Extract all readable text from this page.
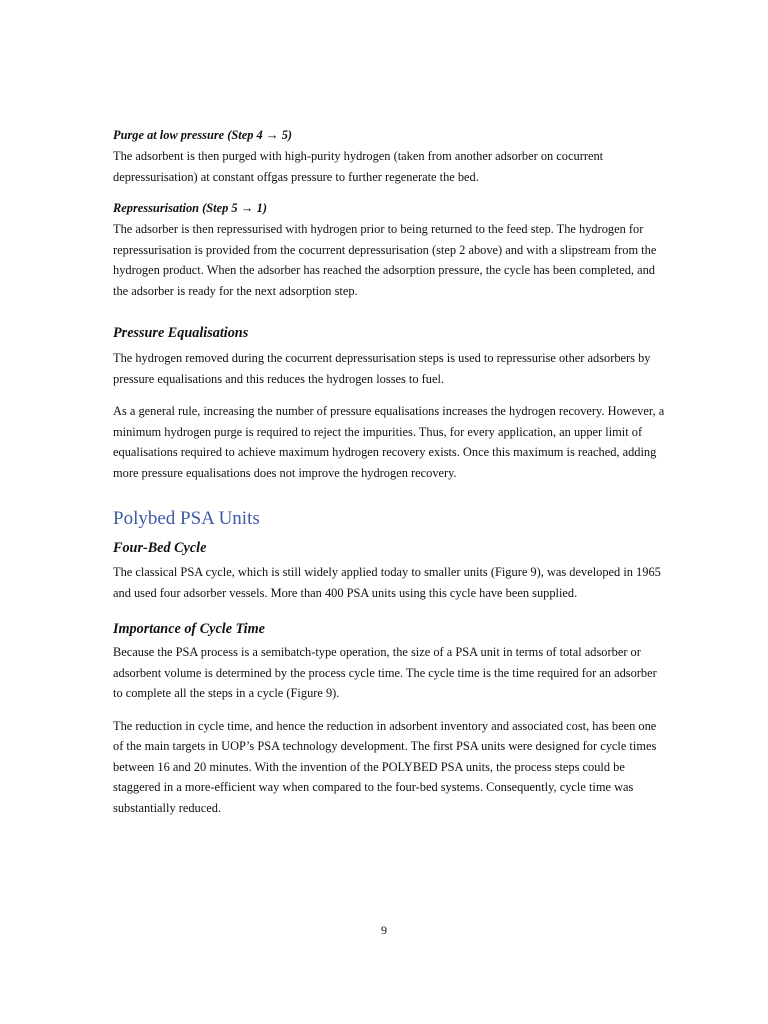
Purge at low pressure (Step 4 → 5)

The adsorbent is then purged with high-purity hydrogen (taken from another adsorber on cocurrent depressurisation) at constant offgas pressure to further regenerate the bed.

Repressurisation (Step 5 → 1)

The adsorber is then repressurised with hydrogen prior to being returned to the feed step. The hydrogen for repressurisation is provided from the cocurrent depressurisation (step 2 above) and with a slipstream from the hydrogen product. When the adsorber has reached the adsorption pressure, the cycle has been completed, and the adsorber is ready for the next adsorption step.

Pressure Equalisations

The hydrogen removed during the cocurrent depressurisation steps is used to repressurise other adsorbers by pressure equalisations and this reduces the hydrogen losses to fuel.

As a general rule, increasing the number of pressure equalisations increases the hydrogen recovery. However, a minimum hydrogen purge is required to reject the impurities. Thus, for every application, an upper limit of equalisations required to achieve maximum hydrogen recovery exists. Once this maximum is reached, adding more pressure equalisations does not improve the hydrogen recovery.

Polybed PSA Units
Four-Bed Cycle

The classical PSA cycle, which is still widely applied today to smaller units (Figure 9), was developed in 1965 and used four adsorber vessels. More than 400 PSA units using this cycle have been supplied.

Importance of Cycle Time

Because the PSA process is a semibatch-type operation, the size of a PSA unit in terms of total adsorber or adsorbent volume is determined by the process cycle time. The cycle time is the time required for an adsorber to complete all the steps in a cycle (Figure 9).

The reduction in cycle time, and hence the reduction in adsorbent inventory and associated cost, has been one of the main targets in UOP’s PSA technology development. The first PSA units were designed for cycle times between 16 and 20 minutes. With the invention of the POLYBED PSA units, the process steps could be staggered in a more-efficient way when compared to the four-bed systems. Consequently, cycle time was substantially reduced.

9
